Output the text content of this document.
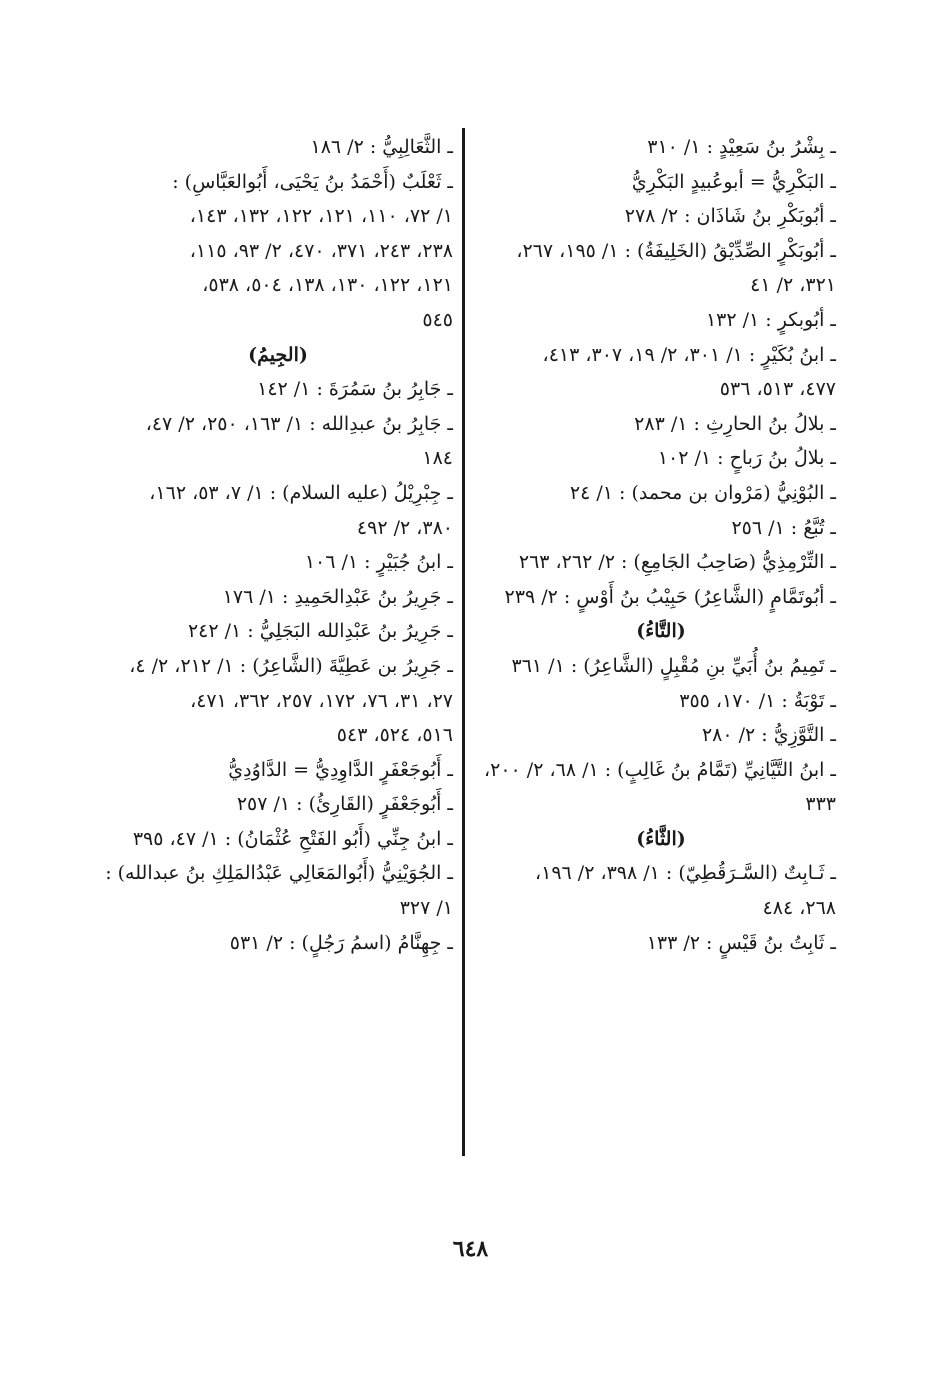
ـ بِشْرُ بنُ سَعِيْدٍ : ١/ ٣١٠
ـ البَكْرِيُّ = أبوعُبيدٍ البَكْرِيُّ
ـ أبُوبَكْرِ بنُ شَاذَان : ٢/ ٢٧٨
ـ أبُوبَكْرٍ الصِّدِّيْقُ (الخَلِيفَةُ) : ١/ ١٩٥، ٢٦٧،
٣٢١، ٢/ ٤١
ـ أبُوبكرٍ : ١/ ١٣٢
ـ ابنُ بُكَيْرٍ : ١/ ٣٠١، ٢/ ١٩، ٣٠٧، ٤١٣،
٤٧٧، ٥١٣، ٥٣٦
ـ بلالُ بنُ الحارِثِ : ١/ ٢٨٣
ـ بلالُ بنُ رَباحٍ : ١/ ١٠٢
ـ البُوْنِيُّ (مَرْوان بن محمد) : ١/ ٢٤
ـ تُبَّعُ : ١/ ٢٥٦
ـ التِّرْمِذِيُّ (صَاحِبُ الجَامِعِ) : ٢/ ٢٦٢، ٢٦٣
ـ أبُوتَمَّامٍ (الشَّاعِرُ) حَبِيْبُ بنُ أَوْسٍ : ٢/ ٢٣٩
(التَّاءُ)
ـ تَمِيمُ بنُ أُبَيِّ بنِ مُقْبِلٍ (الشَّاعِرُ) : ١/ ٣٦١
ـ تَوْبَةُ : ١/ ١٧٠، ٣٥٥
ـ التَّوَّزِيُّ : ٢/ ٢٨٠
ـ ابنُ التَّيَّانِيِّ (تَمَّامُ بنُ غَالِبٍ) : ١/ ٦٨، ٢/ ٢٠٠،
٣٣٣
(الثَّاءُ)
ـ ثَـابِتٌ (السَّـرَقُطِيّ) : ١/ ٣٩٨، ٢/ ١٩٦،
٢٦٨، ٤٨٤
ـ ثَابِتُ بنُ قَيْسٍ : ٢/ ١٣٣
ـ الثَّعَالِبِيُّ : ٢/ ١٨٦
ـ ثَعْلَبٌ (أَحْمَدُ بنُ يَحْيَى، أَبُوالعَبَّاسِ) :
١/ ٧٢، ١١٠، ١٢١، ١٢٢، ١٣٢، ١٤٣،
٢٣٨، ٢٤٣، ٣٧١، ٤٧٠، ٢/ ٩٣، ١١٥،
١٢١، ١٢٢، ١٣٠، ١٣٨، ٥٠٤، ٥٣٨،
٥٤٥
(الجِيمُ)
ـ جَابِرُ بنُ سَمُرَةَ : ١/ ١٤٢
ـ جَابِرُ بنُ عبدِالله : ١/ ١٦٣، ٢٥٠، ٢/ ٤٧،
١٨٤
ـ جِبْرِيْلُ (عليه السلام) : ١/ ٧، ٥٣، ١٦٢،
٣٨٠، ٢/ ٤٩٢
ـ ابنُ جُبَيْرٍ : ١/ ١٠٦
ـ جَرِيرُ بنُ عَبْدِالحَمِيدِ : ١/ ١٧٦
ـ جَرِيرُ بنُ عَبْدِالله البَجَلِيُّ : ١/ ٢٤٢
ـ جَرِيرُ بن عَطِيَّةَ (الشَّاعِرُ) : ١/ ٢١٢، ٢/ ٤،
٢٧، ٣١، ٧٦، ١٧٢، ٢٥٧، ٣٦٢، ٤٧١،
٥١٦، ٥٢٤، ٥٤٣
ـ أَبُوجَعْفَرٍ الدَّاوِدِيُّ = الدَّاوُدِيُّ
ـ أَبُوجَعْفَرٍ (القَارِئُ) : ١/ ٢٥٧
ـ ابنُ جِنِّي (أَبُو الفَتْحِ عُثْمَانُ) : ١/ ٤٧، ٣٩٥
ـ الجُوَيْنِيُّ (أَبُوالمَعَالِي عَبْدُالمَلِكِ بنُ عبدالله) :
١/ ٣٢٧
ـ جِهِنَّامُ (اسمُ رَجُلٍ) : ٢/ ٥٣١
٦٤٨
